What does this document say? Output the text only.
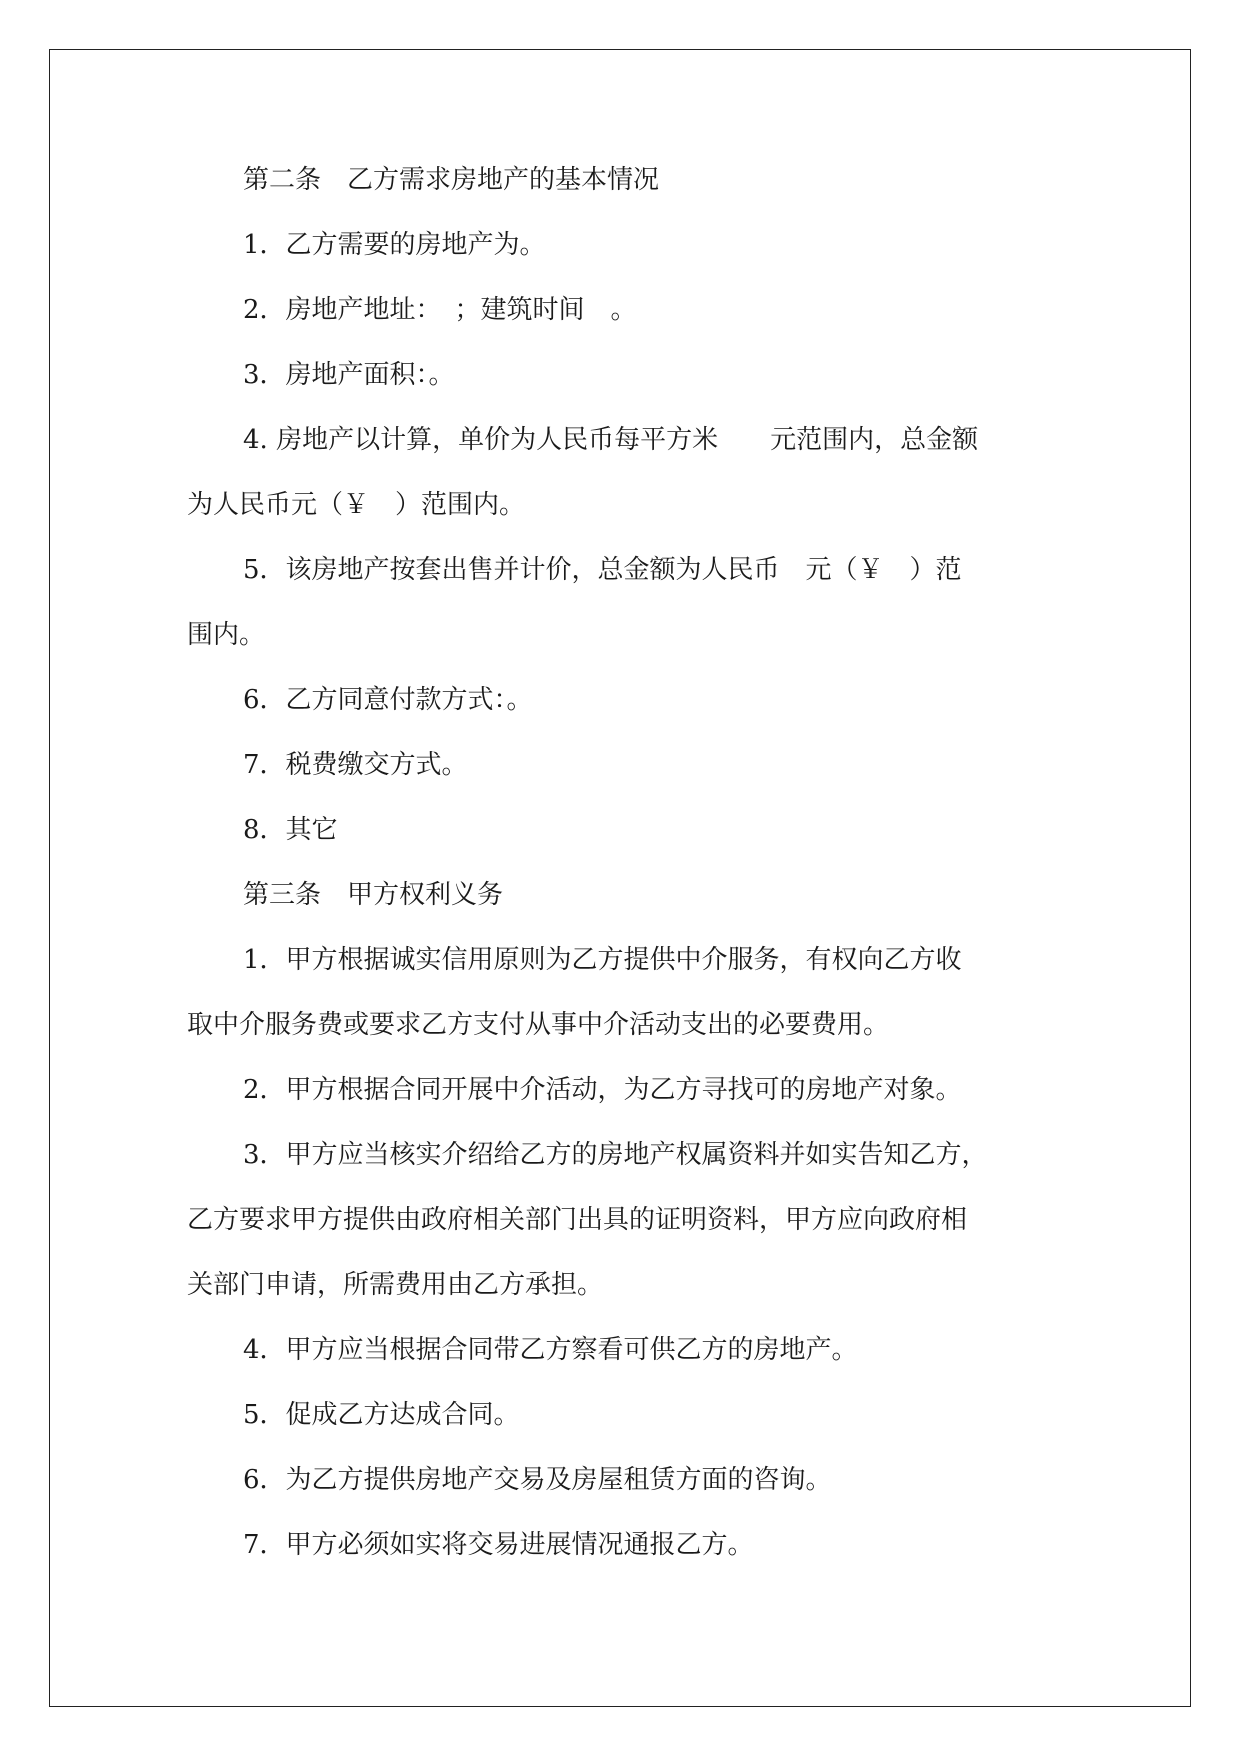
第二条　乙方需求房地产的基本情况
1．乙方需要的房地产为。
2．房地产地址：　；建筑时间　。
3．房地产面积：。
4. 房地产以计算，单价为人民币每平方米　　元范围内，总金额
为人民币元（￥　）范围内。
5．该房地产按套出售并计价，总金额为人民币　元（￥　）范
围内。
6．乙方同意付款方式：。
7．税费缴交方式。
8．其它
第三条　甲方权利义务
1．甲方根据诚实信用原则为乙方提供中介服务，有权向乙方收
取中介服务费或要求乙方支付从事中介活动支出的必要费用。
2．甲方根据合同开展中介活动，为乙方寻找可的房地产对象。
3．甲方应当核实介绍给乙方的房地产权属资料并如实告知乙方，
乙方要求甲方提供由政府相关部门出具的证明资料，甲方应向政府相
关部门申请，所需费用由乙方承担。
4．甲方应当根据合同带乙方察看可供乙方的房地产。
5．促成乙方达成合同。
6．为乙方提供房地产交易及房屋租赁方面的咨询。
7．甲方必须如实将交易进展情况通报乙方。
